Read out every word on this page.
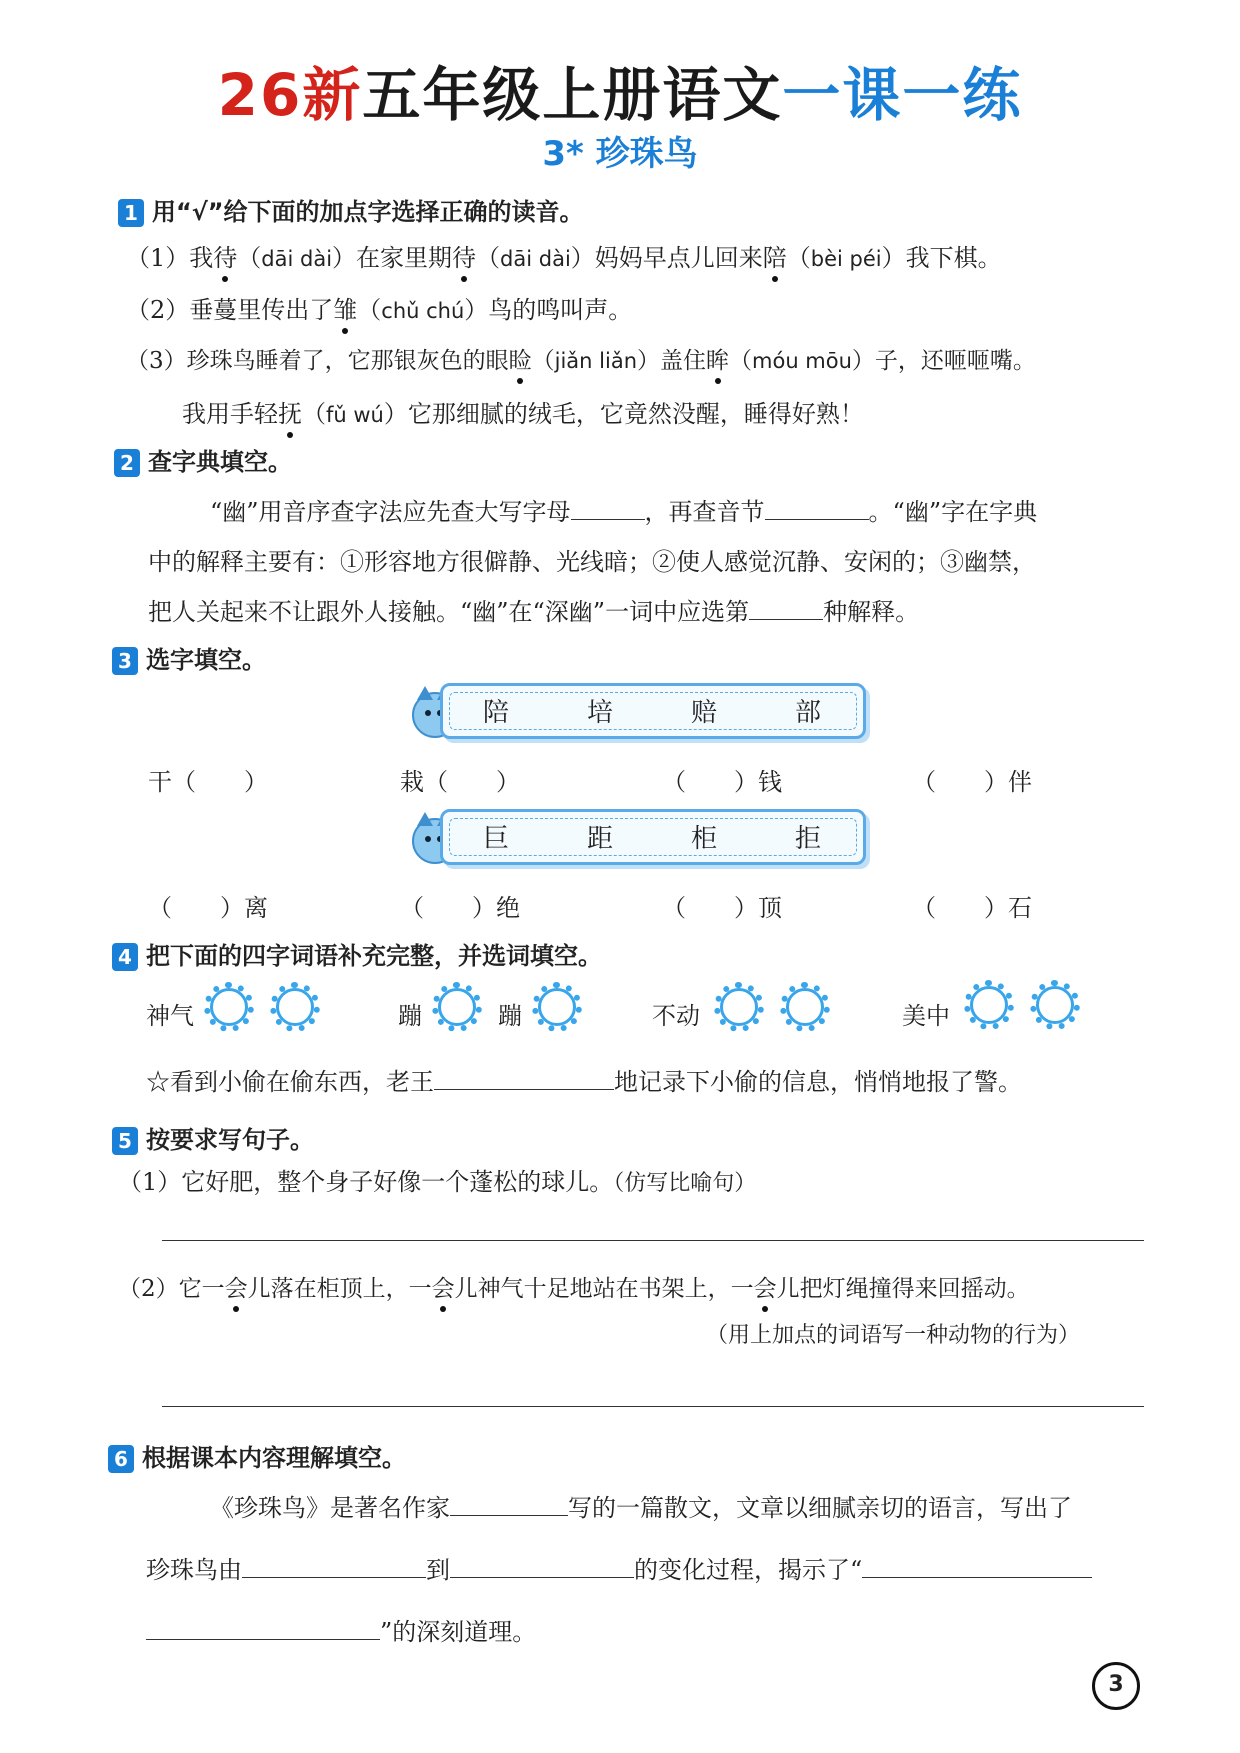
26新五年级上册语文一课一练
3* 珍珠鸟
1 用“√”给下面的加点字选择正确的读音。
（1）我待（dāi dài）在家里期待（dāi dài）妈妈早点儿回来陪（bèi péi）我下棋。
（2）垂蔓里传出了雏（chǔ chú）鸟的鸣叫声。
（3）珍珠鸟睡着了，它那银灰色的眼睑（jiǎn liǎn）盖住眸（móu mōu）子，还咂咂嘴。
我用手轻抚（fǔ wú）它那细腻的绒毛，它竟然没醒，睡得好熟！
2 查字典填空。
“幽”用音序查字法应先查大写字母	，再查音节	。“幽”字在字典
中的解释主要有：①形容地方很僻静、光线暗；②使人感觉沉静、安闲的；③幽禁，
把人关起来不让跟外人接触。“幽”在“深幽”一词中应选第	种解释。
3 选字填空。
陪	培	赔	部
干（　　）	栽（　　）	（　　）钱	（　　）伴
巨	距	柜	拒
（　　）离	（　　）绝	（　　）顶	（　　）石
4 把下面的四字词语补充完整，并选词填空。
神气	蹦	蹦	不动	美中
☆看到小偷在偷东西，老王	地记录下小偷的信息，悄悄地报了警。
5 按要求写句子。
（1）它好肥，整个身子好像一个蓬松的球儿。（仿写比喻句）
（2）它一会儿落在柜顶上，一会儿神气十足地站在书架上，一会儿把灯绳撞得来回摇动。
（用上加点的词语写一种动物的行为）
6 根据课本内容理解填空。
《珍珠鸟》是著名作家	写的一篇散文，文章以细腻亲切的语言，写出了
珍珠鸟由	到	的变化过程，揭示了“
”的深刻道理。
3
